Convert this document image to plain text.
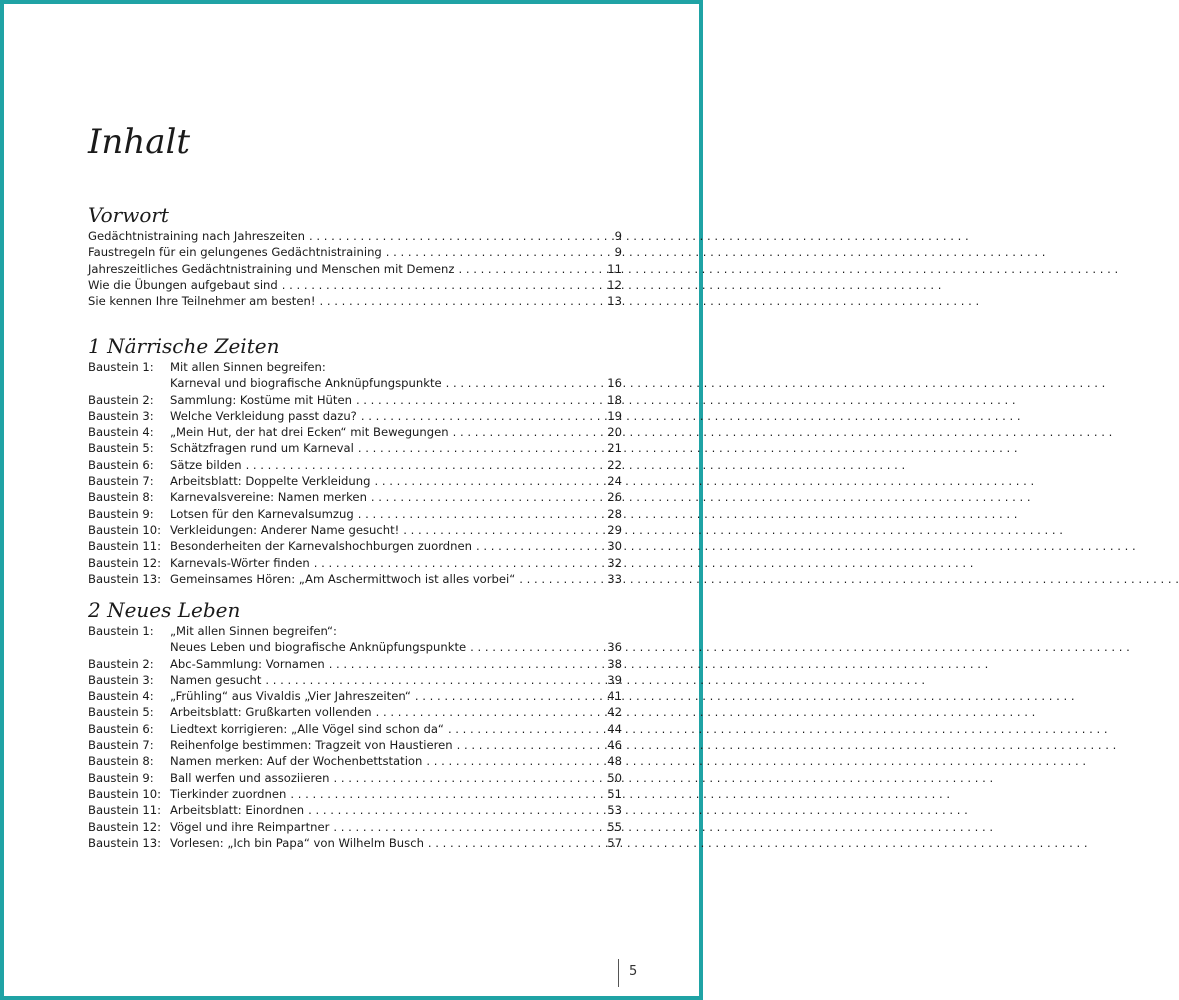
Inhalt
Vorwort
Gedächtnistraining nach Jahreszeiten . . .	9
Faustregeln für ein gelungenes Gedächtnistraining . . .	9
Jahreszeitliches Gedächtnistraining und Menschen mit Demenz . . .	11
Wie die Übungen aufgebaut sind . . .	12
Sie kennen Ihre Teilnehmer am besten! . . .	13
1 Närrische Zeiten
Baustein 1:	Mit allen Sinnen begreifen:
Karneval und biografische Anknüpfungspunkte . . .	16
Baustein 2:	Sammlung: Kostüme mit Hüten . . .	18
Baustein 3:	Welche Verkleidung passt dazu? . . .	19
Baustein 4:	„Mein Hut, der hat drei Ecken“ mit Bewegungen . . .	20
Baustein 5:	Schätzfragen rund um Karneval . . .	21
Baustein 6:	Sätze bilden . . .	22
Baustein 7:	Arbeitsblatt: Doppelte Verkleidung . . .	24
Baustein 8:	Karnevalsvereine: Namen merken . . .	26
Baustein 9:	Lotsen für den Karnevalsumzug . . .	28
Baustein 10: Verkleidungen: Anderer Name gesucht! . . .	29
Baustein 11: Besonderheiten der Karnevalshochburgen zuordnen . . .	30
Baustein 12: Karnevals-Wörter finden . . .	32
Baustein 13: Gemeinsames Hören: „Am Aschermittwoch ist alles vorbei“ . . .	33
2 Neues Leben
Baustein 1:	„Mit allen Sinnen begreifen“:
Neues Leben und biografische Anknüpfungspunkte . . .	36
Baustein 2:	Abc-Sammlung: Vornamen . . .	38
Baustein 3:	Namen gesucht . . .	39
Baustein 4:	„Frühling“ aus Vivaldis „Vier Jahreszeiten“ . . .	41
Baustein 5:	Arbeitsblatt: Grußkarten vollenden . . .	42
Baustein 6:	Liedtext korrigieren: „Alle Vögel sind schon da“ . . .	44
Baustein 7:	Reihenfolge bestimmen: Tragzeit von Haustieren . . .	46
Baustein 8:	Namen merken: Auf der Wochenbettstation . . .	48
Baustein 9:	Ball werfen und assoziieren . . .	50
Baustein 10: Tierkinder zuordnen . . .	51
Baustein 11: Arbeitsblatt: Einordnen . . .	53
Baustein 12: Vögel und ihre Reimpartner . . .	55
Baustein 13: Vorlesen: „Ich bin Papa“ von Wilhelm Busch . . .	57
5
